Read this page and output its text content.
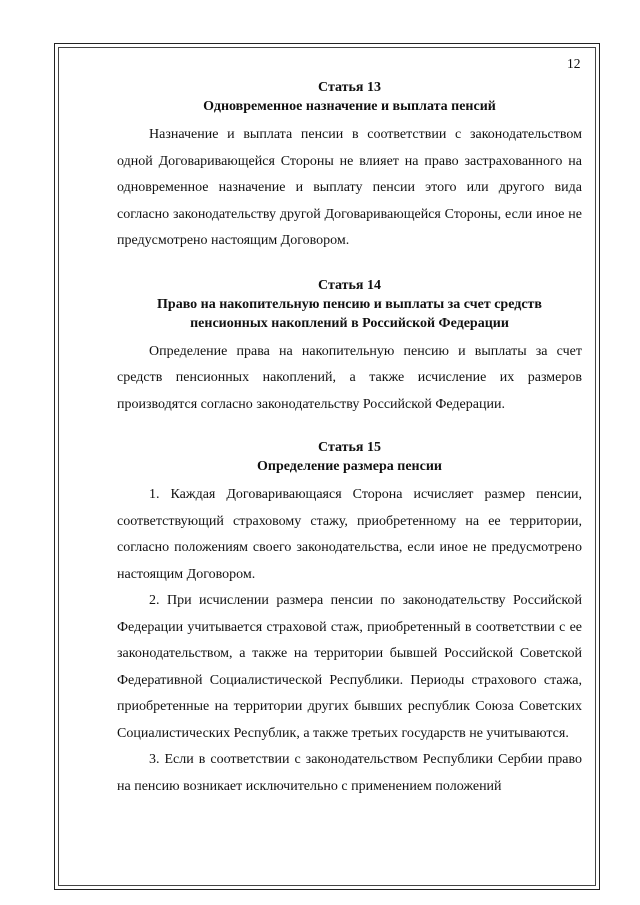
12

Статья 13

Одновременное назначение и выплата пенсий

Назначение и выплата пенсии в соответствии с законодательством одной Договаривающейся Стороны не влияет на право застрахованного на одновременное назначение и выплату пенсии этого или другого вида согласно законодательству другой Договаривающейся Стороны, если иное не предусмотрено настоящим Договором.

Статья 14

Право на накопительную пенсию и выплаты за счет средств пенсионных накоплений в Российской Федерации

Определение права на накопительную пенсию и выплаты за счет средств пенсионных накоплений, а также исчисление их размеров производятся согласно законодательству Российской Федерации.

Статья 15

Определение размера пенсии

1. Каждая Договаривающаяся Сторона исчисляет размер пенсии, соответствующий страховому стажу, приобретенному на ее территории, согласно положениям своего законодательства, если иное не предусмотрено настоящим Договором.

2. При исчислении размера пенсии по законодательству Российской Федерации учитывается страховой стаж, приобретенный в соответствии с ее законодательством, а также на территории бывшей Российской Советской Федеративной Социалистической Республики. Периоды страхового стажа, приобретенные на территории других бывших республик Союза Советских Социалистических Республик, а также третьих государств не учитываются.

3. Если в соответствии с законодательством Республики Сербии право на пенсию возникает исключительно с применением положений
